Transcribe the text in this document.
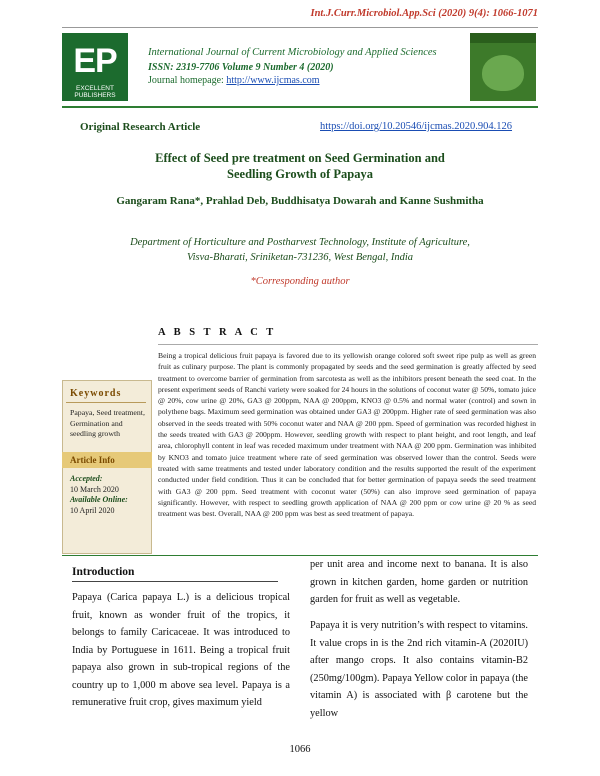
Int.J.Curr.Microbiol.App.Sci (2020) 9(4): 1066-1071
EP
EXCELLENT PUBLISHERS
International Journal of Current Microbiology and Applied Sciences
ISSN: 2319-7706 Volume 9 Number 4 (2020)
Journal homepage: http://www.ijcmas.com
Original Research Article	https://doi.org/10.20546/ijcmas.2020.904.126
Effect of Seed pre treatment on Seed Germination and
Seedling Growth of Papaya
Gangaram Rana*, Prahlad Deb, Buddhisatya Dowarah and Kanne Sushmitha
Department of Horticulture and Postharvest Technology, Institute of Agriculture,
Visva-Bharati, Sriniketan-731236, West Bengal, India
*Corresponding author
A B S T R A C T
Being a tropical delicious fruit papaya is favored due to its yellowish orange colored soft sweet ripe pulp as well as green fruit as culinary purpose. The plant is commonly propagated by seeds and the seed germination is greatly affected by seed treatment to overcome barrier of germination from sarcotesta as well as the inhibitors present beneath the seed coat. In the present experiment seeds of Ranchi variety were soaked for 24 hours in the solutions of coconut water @ 50%, tomato juice @ 20%, cow urine @ 20%, GA3 @ 200ppm, NAA @ 200ppm, KNO3 @ 0.5% and normal water (control) and sown in polythene bags. Maximum seed germination was obtained under GA3 @ 200ppm. Higher rate of seed germination was also observed in the seeds treated with 50% coconut water and NAA @ 200 ppm. Speed of germination was recorded highest in the seeds treated with GA3 @ 200ppm. However, seedling growth with respect to plant height, and root length, and leaf area, chlorophyll content in leaf was receded maximum under treatment with NAA @ 200 ppm. Germination was inhibited by KNO3 and tomato juice treatment where rate of seed germination was observed lower than the control. Seeds were treated with same treatments and tested under laboratory condition and the results supported the result of the experiment conducted under field condition. Thus it can be concluded that for better germination of papaya seeds the seed treatment with GA3 @ 200 ppm. Seed treatment with coconut water (50%) can also improve seed germination of papaya significantly. However, with respect to seedling growth application of NAA @ 200 ppm or cow urine @ 20 % as seed treatment was best. Overall, NAA @ 200 ppm was best as seed treatment of papaya.
Keywords
Papaya, Seed treatment, Germination and seedling growth
Article Info
Accepted:
10 March 2020
Available Online:
10 April 2020
Introduction
Papaya (Carica papaya L.) is a delicious tropical fruit, known as wonder fruit of the tropics, it belongs to family Caricaceae. It was introduced to India by Portuguese in 1611. Being a tropical fruit papaya also grown in sub-tropical regions of the country up to 1,000 m above sea level. Papaya is a remunerative fruit crop, gives maximum yield
per unit area and income next to banana. It is also grown in kitchen garden, home garden or nutrition garden for fruit as well as vegetable.
Papaya it is very nutrition’s with respect to vitamins. It value crops in is the 2nd rich vitamin-A (2020IU) after mango crops. It also contains vitamin-B2 (250mg/100gm). Papaya Yellow color in papaya (the vitamin A) is associated with β carotene but the yellow
1066
